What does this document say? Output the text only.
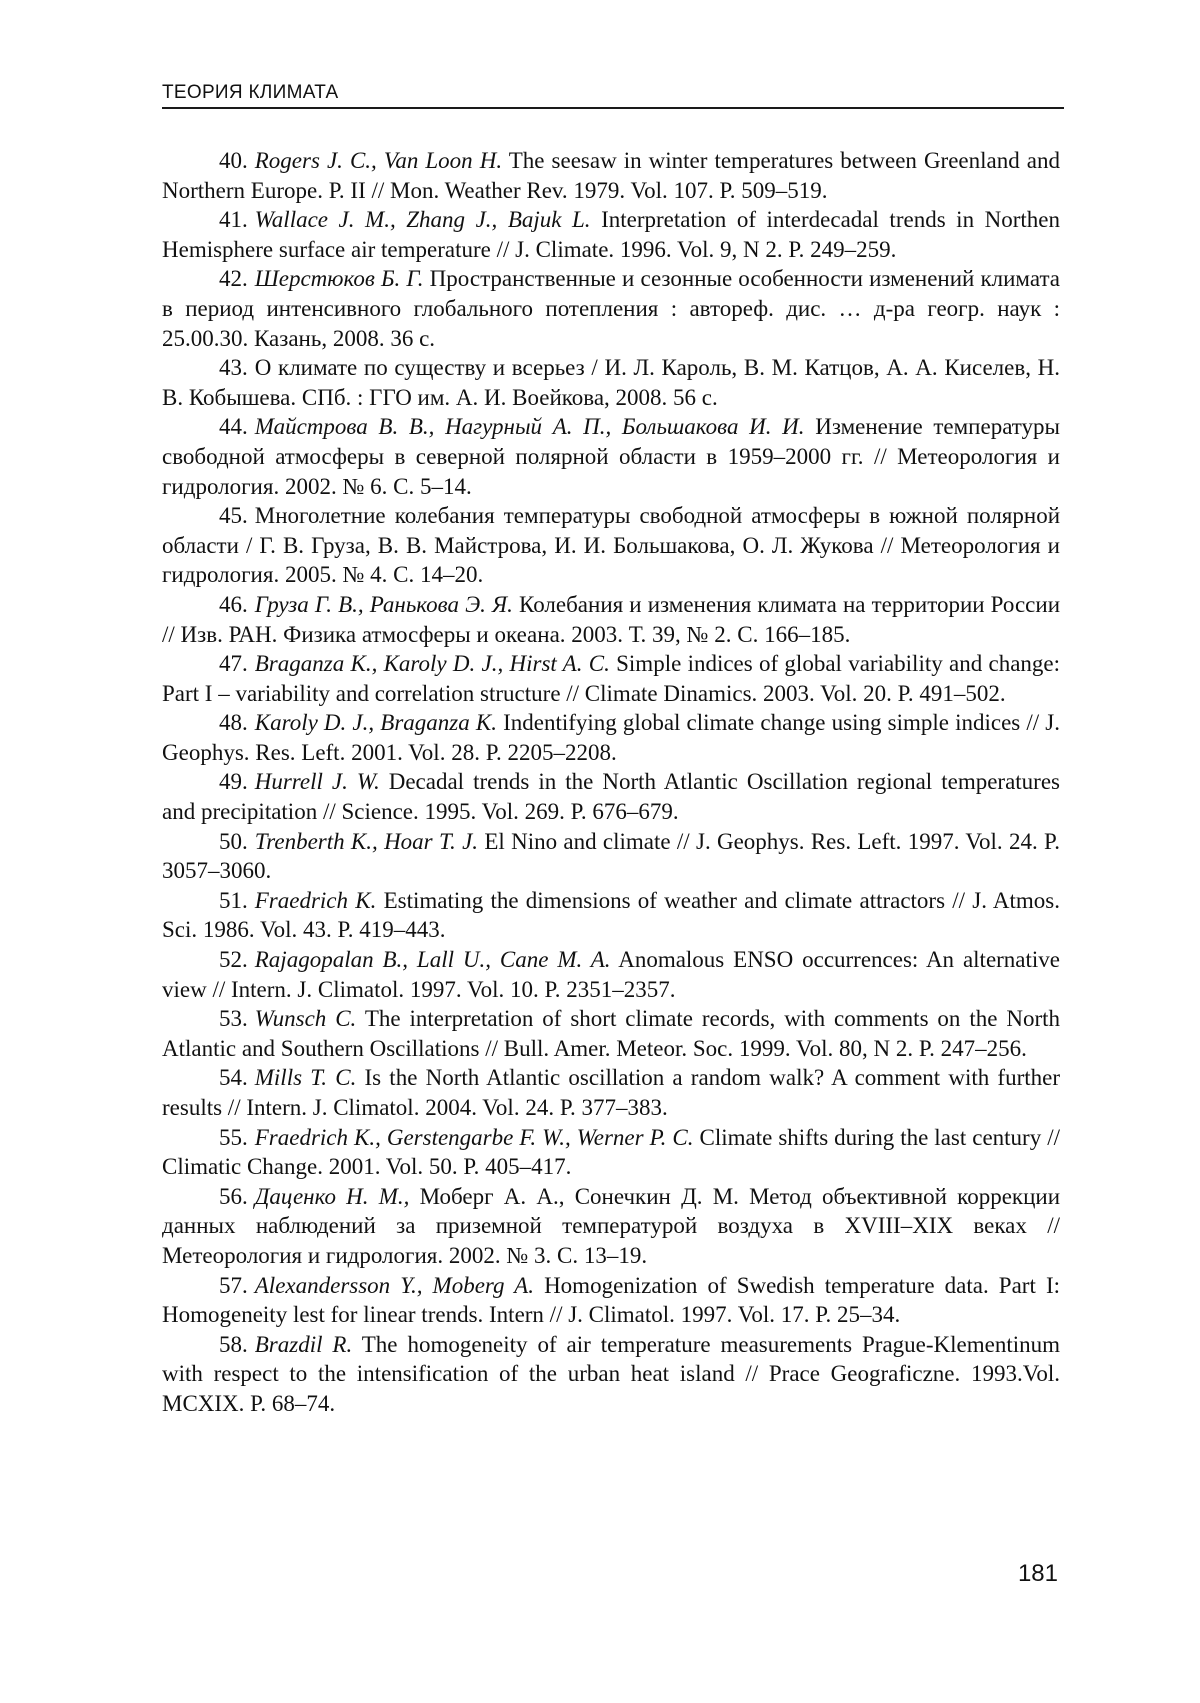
ТЕОРИЯ КЛИМАТА

40. Rogers J. C., Van Loon H. The seesaw in winter temperatures between Greenland and Northern Europe. P. II // Mon. Weather Rev. 1979. Vol. 107. P. 509–519.

41. Wallace J. M., Zhang J., Bajuk L. Interpretation of interdecadal trends in Northen Hemisphere surface air temperature // J. Climate. 1996. Vol. 9, N 2. P. 249–259.

42. Шерстюков Б. Г. Пространственные и сезонные особенности изменений климата в период интенсивного глобального потепления : автореф. дис. … д-ра геогр. наук : 25.00.30. Казань, 2008. 36 с.

43. О климате по существу и всерьез / И. Л. Кароль, В. М. Катцов, А. А. Киселев, Н. В. Кобышева. СПб. : ГГО им. А. И. Воейкова, 2008. 56 с.

44. Майстрова В. В., Нагурный А. П., Большакова И. И. Изменение температуры свободной атмосферы в северной полярной области в 1959–2000 гг. // Метеорология и гидрология. 2002. № 6. С. 5–14.

45. Многолетние колебания температуры свободной атмосферы в южной полярной области / Г. В. Груза, В. В. Майстрова, И. И. Большакова, О. Л. Жукова // Метеорология и гидрология. 2005. № 4. С. 14–20.

46. Груза Г. В., Ранькова Э. Я. Колебания и изменения климата на территории России // Изв. РАН. Физика атмосферы и океана. 2003. Т. 39, № 2. С. 166–185.

47. Braganza K., Karoly D. J., Hirst A. C. Simple indices of global variability and change: Part I – variability and correlation structure // Climate Dinamics. 2003. Vol. 20. P. 491–502.

48. Karoly D. J., Braganza K. Indentifying global climate change using simple indices // J. Geophys. Res. Left. 2001. Vol. 28. P. 2205–2208.

49. Hurrell J. W. Decadal trends in the North Atlantic Oscillation regional temperatures and precipitation // Science. 1995. Vol. 269. P. 676–679.

50. Trenberth K., Hoar T. J. El Nino and climate // J. Geophys. Res. Left. 1997. Vol. 24. P. 3057–3060.

51. Fraedrich K. Estimating the dimensions of weather and climate attractors // J. Atmos. Sci. 1986. Vol. 43. P. 419–443.

52. Rajagopalan B., Lall U., Cane M. A. Anomalous ENSO occurrences: An alternative view // Intern. J. Climatol. 1997. Vol. 10. P. 2351–2357.

53. Wunsch C. The interpretation of short climate records, with comments on the North Atlantic and Southern Oscillations // Bull. Amer. Meteor. Soc. 1999. Vol. 80, N 2. P. 247–256.

54. Mills T. C. Is the North Atlantic oscillation a random walk? A comment with further results // Intern. J. Climatol. 2004. Vol. 24. P. 377–383.

55. Fraedrich K., Gerstengarbe F. W., Werner P. C. Climate shifts during the last century // Climatic Change. 2001. Vol. 50. P. 405–417.

56. Даценко Н. М., Моберг А. А., Сонечкин Д. М. Метод объективной коррекции данных наблюдений за приземной температурой воздуха в XVIII–XIX веках // Метеорология и гидрология. 2002. № 3. С. 13–19.

57. Alexandersson Y., Moberg A. Homogenization of Swedish temperature data. Part I: Homogeneity lest for linear trends. Intern // J. Climatol. 1997. Vol. 17. P. 25–34.

58. Brazdil R. The homogeneity of air temperature measurements Prague-Klementinum with respect to the intensification of the urban heat island // Prace Geograficzne. 1993.Vol. MCXIX. P. 68–74.

181
